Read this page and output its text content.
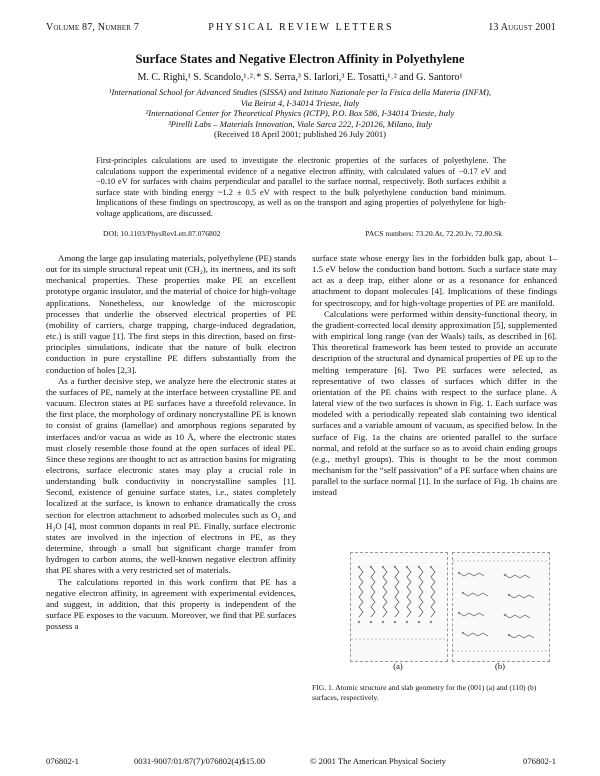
Volume 87, Number 7	PHYSICAL REVIEW LETTERS	13 August 2001
Surface States and Negative Electron Affinity in Polyethylene
M. C. Righi,¹ S. Scandolo,¹˒²˒* S. Serra,³ S. Iarlori,³ E. Tosatti,¹˒² and G. Santoro¹
¹International School for Advanced Studies (SISSA) and Istituto Nazionale per la Fisica della Materia (INFM),
Via Beirut 4, I-34014 Trieste, Italy
²International Center for Theoretical Physics (ICTP), P.O. Box 586, I-34014 Trieste, Italy
³Pirelli Labs – Materials Innovation, Viale Sarca 222, I-20126, Milano, Italy
(Received 18 April 2001; published 26 July 2001)
First-principles calculations are used to investigate the electronic properties of the surfaces of polyethylene. The calculations support the experimental evidence of a negative electron affinity, with calculated values of −0.17 eV and −0.10 eV for surfaces with chains perpendicular and parallel to the surface normal, respectively. Both surfaces exhibit a surface state with binding energy ~1.2 ± 0.5 eV with respect to the bulk polyethylene conduction band minimum. Implications of these findings on spectroscopy, as well as on the transport and aging properties of polyethylene for high-voltage applications, are discussed.
DOI: 10.1103/PhysRevLett.87.076802	PACS numbers: 73.20.At, 72.20.Jv, 72.80.Sk

Among the large gap insulating materials, polyethylene (PE) stands out for its simple structural repeat unit (CH₂), its inertness, and its soft mechanical properties. These properties make PE an excellent prototype organic insulator, and the material of choice for high-voltage applications. Nonetheless, our knowledge of the microscopic processes that underlie the observed electrical properties of PE (mobility of carriers, charge trapping, charge-induced degradation, etc.) is still vague [1]. The first steps in this direction, based on first-principles simulations, indicate that the nature of bulk electron conduction in pure crystalline PE differs substantially from the conduction of holes [2,3].

As a further decisive step, we analyze here the electronic states at the surfaces of PE, namely at the interface between crystalline PE and vacuum. Electron states at PE surfaces have a threefold relevance. In the first place, the morphology of ordinary noncrystalline PE is known to consist of grains (lamellae) and amorphous regions separated by interfaces and/or vacua as wide as 10 Å, where the electronic states must closely resemble those found at the open surfaces of ideal PE. Since these regions are thought to act as attraction basins for migrating electrons, surface electronic states may play a crucial role in understanding bulk conductivity in noncrystalline samples [1]. Second, existence of genuine surface states, i.e., states completely localized at the surface, is known to enhance dramatically the cross section for electron attachment to adsorbed molecules such as O₂ and H₂O [4], most common dopants in real PE. Finally, surface electronic states are involved in the injection of electrons in PE, as they determine, through a small but significant charge transfer from hydrogen to carbon atoms, the well-known negative electron affinity that PE shares with a very restricted set of materials.

The calculations reported in this work confirm that PE has a negative electron affinity, in agreement with experimental evidences, and suggest, in addition, that this property is independent of the surface PE exposes to the vacuum. Moreover, we find that PE surfaces possess a

surface state whose energy lies in the forbidden bulk gap, about 1–1.5 eV below the conduction band bottom. Such a surface state may act as a deep trap, either alone or as a resonance for enhanced attachment to dopant molecules [4]. Implications of these findings for spectroscopy, and for high-voltage properties of PE are manifold.

Calculations were performed within density-functional theory, in the gradient-corrected local density approximation [5], supplemented with empirical long range (van der Waals) tails, as described in [6]. This theoretical framework has been tested to provide an accurate description of the structural and dynamical properties of PE up to the melting temperature [6]. Two PE surfaces were selected, as representative of two classes of surfaces which differ in the orientation of the PE chains with respect to the surface plane. A lateral view of the two surfaces is shown in Fig. 1. Each surface was modeled with a periodically repeated slab containing two identical surfaces and a variable amount of vacuum, as specified below. In the surface of Fig. 1a the chains are oriented parallel to the surface normal, and refold at the surface so as to avoid chain ending groups (e.g., methyl groups). This is thought to be the most common mechanism for the “self passivation” of a PE surface when chains are parallel to the surface normal [1]. In the surface of Fig. 1b chains are instead

(a)	(b)
FIG. 1. Atomic structure and slab geometry for the (001) (a) and (110) (b) surfaces, respectively.
076802-1	0031-9007/01/87(7)/076802(4)$15.00	© 2001 The American Physical Society	076802-1
